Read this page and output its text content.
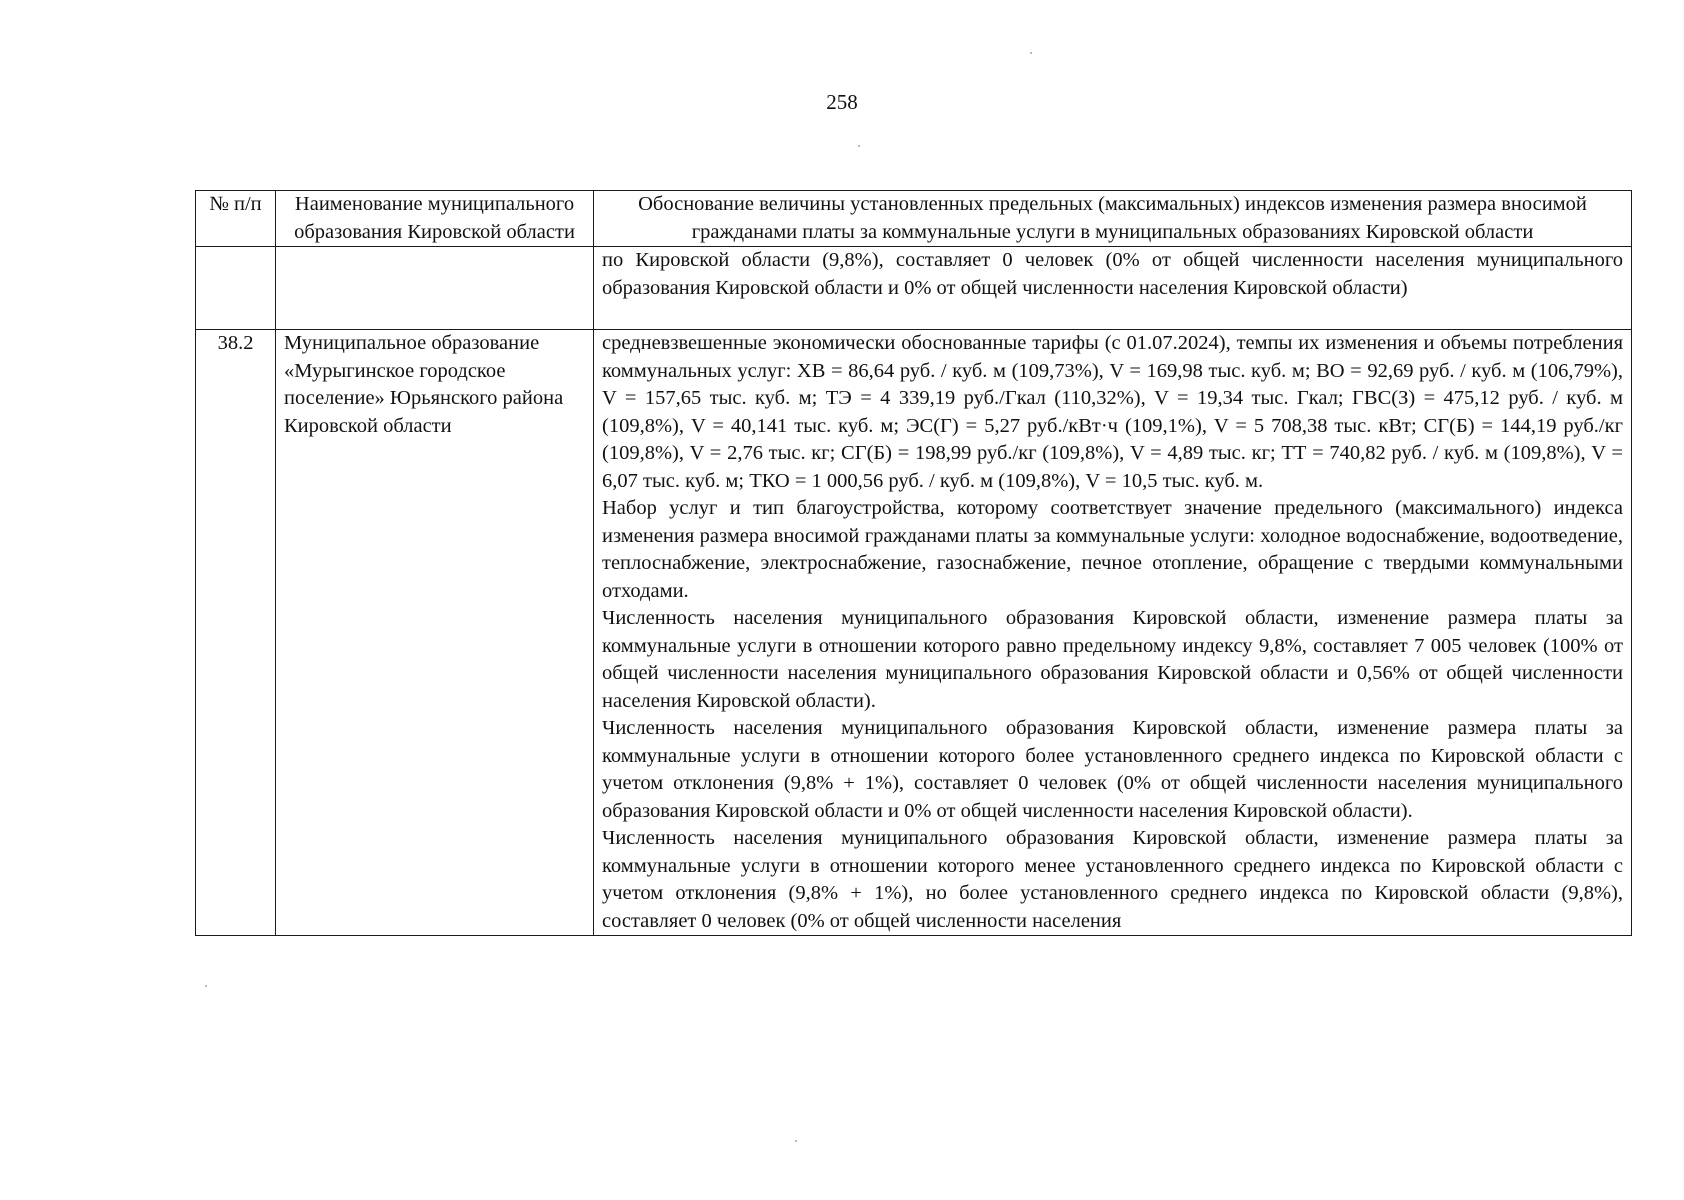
258
№ п/п	Наименование муниципального образования Кировской области	Обоснование величины установленных предельных (максимальных) индексов изменения размера вносимой гражданами платы за коммунальные услуги в муниципальных образованиях Кировской области

		по Кировской области (9,8%), составляет 0 человек (0% от общей численности населения муниципального образования Кировской области и 0% от общей численности населения Кировской области)

38.2	Муниципальное образование «Мурыгинское городское поселение» Юрьянского района Кировской области	средневзвешенные экономически обоснованные тарифы (с 01.07.2024), темпы их изменения и объемы потребления коммунальных услуг: ХВ = 86,64 руб. / куб. м (109,73%), V = 169,98 тыс. куб. м; ВО = 92,69 руб. / куб. м (106,79%), V = 157,65 тыс. куб. м; ТЭ = 4 339,19 руб./Гкал (110,32%), V = 19,34 тыс. Гкал; ГВС(З) = 475,12 руб. / куб. м (109,8%), V = 40,141 тыс. куб. м; ЭС(Г) = 5,27 руб./кВт·ч (109,1%), V = 5 708,38 тыс. кВт; СГ(Б) = 144,19 руб./кг (109,8%), V = 2,76 тыс. кг; СГ(Б) = 198,99 руб./кг (109,8%), V = 4,89 тыс. кг; ТТ = 740,82 руб. / куб. м (109,8%), V = 6,07 тыс. куб. м; ТКО = 1 000,56 руб. / куб. м (109,8%), V = 10,5 тыс. куб. м.

Набор услуг и тип благоустройства, которому соответствует значение предельного (максимального) индекса изменения размера вносимой гражданами платы за коммунальные услуги: холодное водоснабжение, водоотведение, теплоснабжение, электроснабжение, газоснабжение, печное отопление, обращение с твердыми коммунальными отходами.

Численность населения муниципального образования Кировской области, изменение размера платы за коммунальные услуги в отношении которого равно предельному индексу 9,8%, составляет 7 005 человек (100% от общей численности населения муниципального образования Кировской области и 0,56% от общей численности населения Кировской области).

Численность населения муниципального образования Кировской области, изменение размера платы за коммунальные услуги в отношении которого более установленного среднего индекса по Кировской области с учетом отклонения (9,8% + 1%), составляет 0 человек (0% от общей численности населения муниципального образования Кировской области и 0% от общей численности населения Кировской области).

Численность населения муниципального образования Кировской области, изменение размера платы за коммунальные услуги в отношении которого менее установленного среднего индекса по Кировской области с учетом отклонения (9,8% + 1%), но более установленного среднего индекса по Кировской области (9,8%), составляет 0 человек (0% от общей численности населения
